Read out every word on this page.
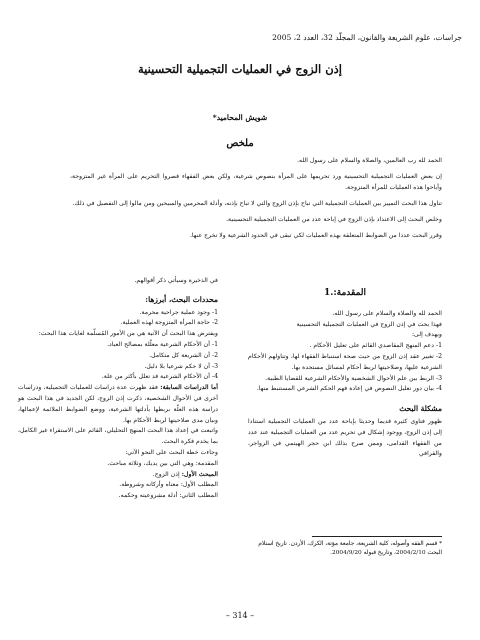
جراسات، علوم الشريعة والقانون، المجلّد 32، العدد 2، 2005
إذن الزوج في العمليات التجميلية التحسينية
شويش المحاميد*
ملخص

الحمد لله رب العالمين، والصلاة والسلام على رسول الله.

إن بعض العمليات التجميلية التحسينية ورد تحريمها على المرأة بنصوص شرعية، ولكن بعض الفقهاء قصروا التحريم على المرأة غير المتزوجة، وأباحوا هذه العمليات للمرأة المتزوجة.

تناول هذا البحث التمييز بين العمليات التجميلية التي تباح بإذن الزوج والتي لا تباح بإذنه، وأدلة المحرمين والمبيحين ومن مالوا إلى التفصيل في ذلك.

وخلص البحث إلى الاعتداد بإذن الزوج في إباحة عدد من العمليات التجميلية التحسينية.

وقرر البحث عددا من الضوابط المتعلقة بهذه العمليات لكي تبقى في الحدود الشرعية ولا تخرج عنها.

المقدمة:.1

الحمد لله والصلاة والسلام على رسول الله.

فهذا بحث في إذن الزوج في العمليات التجميلية التحسينية

ويهدف إلى:

1- دعم المنهج المقاصدي القائم على تعليل الأحكام .

2- تغيير عقد إذن الزوج من حيث صحة استنباط الفقهاء لها، وتناولهم الأحكام الشرعية عليها، وصلاحيتها لربط أحكام لمسائل مستجدة بها.

3- الربط بين علم الأحوال الشخصية والأحكام الشرعية للقضايا الطبية.

4- بيان دور تعليل النصوص في إعادة فهم الحكم الشرعي المستنبط منها.

مشكلة البحث

ظهور فتاوى كثيرة قديما وحديثا بإباحة عدد من العمليات التجميلية استنادا إلى إذن الزوج، ووجود إشكال في تحريم عدد من العمليات التجميلية عند عدد من الفقهاء القدامى، وممن صرح بذلك ابن حجر الهيتمي في الزواجر، والقرافي

* قسم الفقه وأصوله، كلية الشريعة، جامعة مؤتة، الكرك، الأردن. تاريخ استلام البحث 2004/2/10، وتاريخ قبوله 2004/9/20.

في الذخيرة وسيأتي ذكر أقوالهم.

محددات البحث، أبرزها:

1- وجود عملية جراحية محرمة.

2- حاجة المرأة المتزوجة لهذه العملية.

ويفترض هذا البحث أن الآتية هي من الأمور المُسلّمة لغايات هذا البحث:

1- أن الأحكام الشرعية معلّلة بمصالح العباد.

2- أن الشريعة كل متكامل.

3- أن لا حكم شرعيا بلا دليل.

4- أن الأحكام الشرعية قد تعلل بأكثر من علة.

أما الدراسات السابقة: فقد ظهرت عدة دراسات للعمليات التجميلية، ودراسات أخرى في الأحوال الشخصية، ذكرت إذن الزوج، لكن الجديد في هذا البحث هو دراسة هذه العلّة بربطها بأدلتها الشرعية، ووضع الضوابط الملائمة لإعمالها، وبيان مدى صلاحيتها لربط الأحكام بها.

واتبعت في إعداد هذا البحث المنهج التحليلي، القائم على الاستقراء غير الكامل، بما يخدم فكرة البحث.

وجاءت خطة البحث على النحو الآتي:

المقدمة: وهي التي بين يديك، وثلاثة مباحث.

المبحث الأول: إذن الزوج.

المطلب الأول: معناه وأركانه وشروطه.

المطلب الثاني: أدلة مشروعيته وحكمه.

– 314 –
